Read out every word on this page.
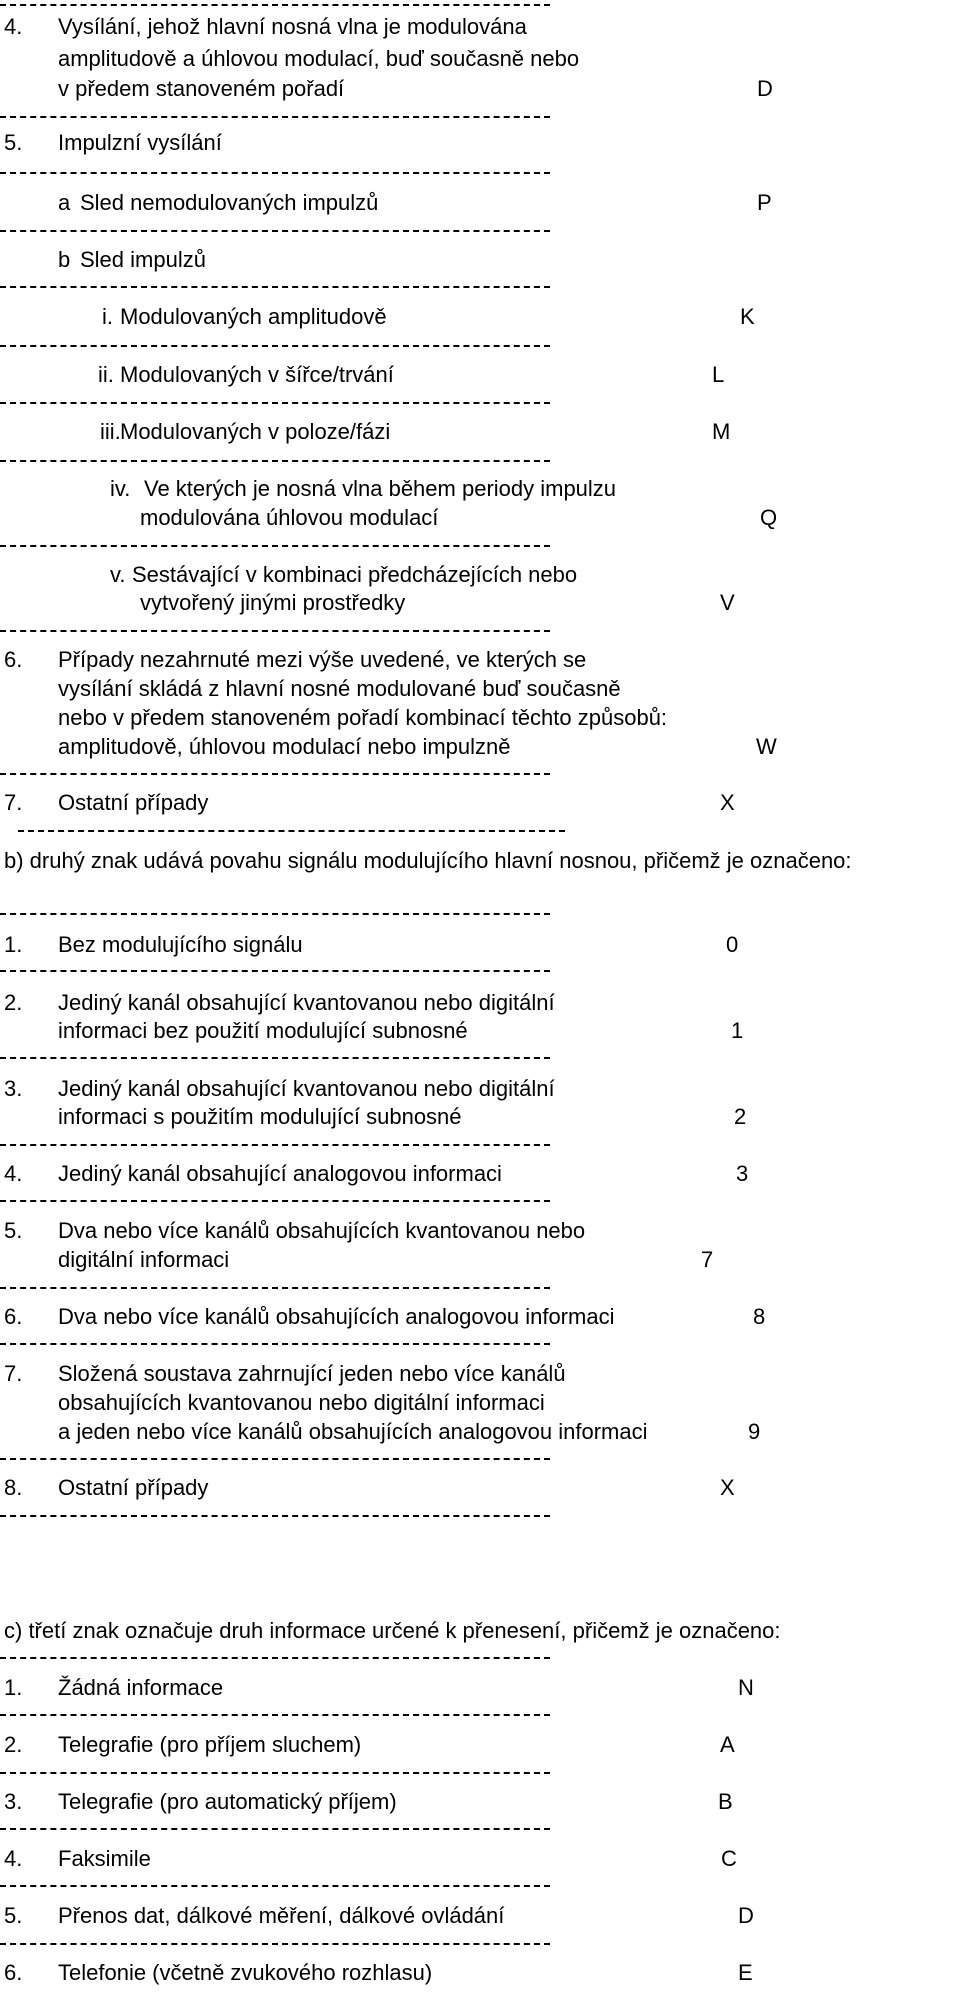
4. Vysílání, jehož hlavní nosná vlna je modulována
amplitudově a úhlovou modulací, buď současně nebo
v předem stanoveném pořadí	D
5. Impulzní vysílání
a Sled nemodulovaných impulzů	P
b Sled impulzů
i. Modulovaných amplitudově	K
ii. Modulovaných v šířce/trvání	L
iii. Modulovaných v poloze/fázi	M
iv. Ve kterých je nosná vlna během periody impulzu
modulována úhlovou modulací	Q
v. Sestávající v kombinaci předcházejících nebo
vytvořený jinými prostředky	V
6. Případy nezahrnuté mezi výše uvedené, ve kterých se
vysílání skládá z hlavní nosné modulované buď současně
nebo v předem stanoveném pořadí kombinací těchto způsobů:
amplitudově, úhlovou modulací nebo impulzně	W
7. Ostatní případy	X
b) druhý znak udává povahu signálu modulujícího hlavní nosnou, přičemž je označeno:
1. Bez modulujícího signálu	0
2. Jediný kanál obsahující kvantovanou nebo digitální
informaci bez použití modulující subnosné	1
3. Jediný kanál obsahující kvantovanou nebo digitální
informaci s použitím modulující subnosné	2
4. Jediný kanál obsahující analogovou informaci	3
5. Dva nebo více kanálů obsahujících kvantovanou nebo
digitální informaci	7
6. Dva nebo více kanálů obsahujících analogovou informaci	8
7. Složená soustava zahrnující jeden nebo více kanálů
obsahujících kvantovanou nebo digitální informaci
a jeden nebo více kanálů obsahujících analogovou informaci	9
8. Ostatní případy	X
c) třetí znak označuje druh informace určené k přenesení, přičemž je označeno:
1. Žádná informace	N
2. Telegrafie (pro příjem sluchem)	A
3. Telegrafie (pro automatický příjem)	B
4. Faksimile	C
5. Přenos dat, dálkové měření, dálkové ovládání	D
6. Telefonie (včetně zvukového rozhlasu)	E
